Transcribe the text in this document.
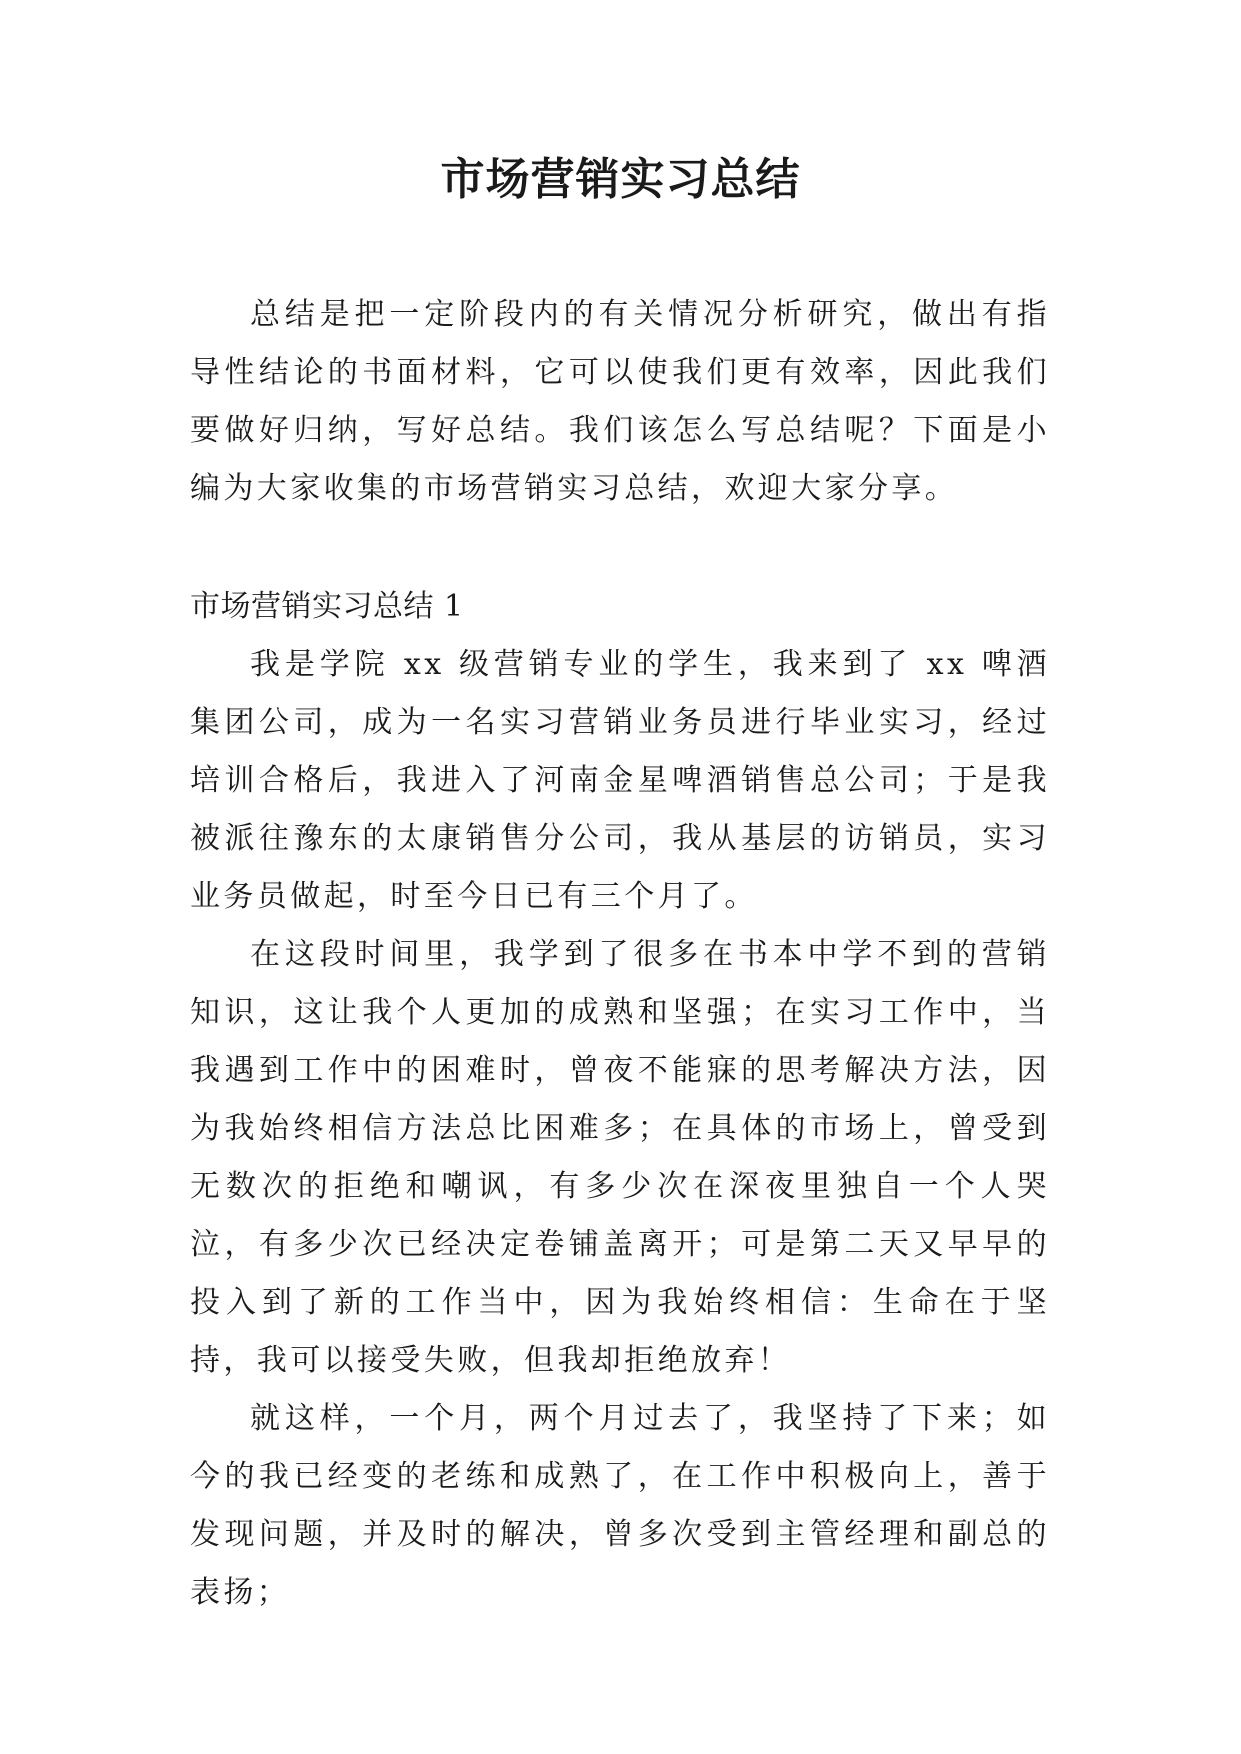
市场营销实习总结

总结是把一定阶段内的有关情况分析研究，做出有指导性结论的书面材料，它可以使我们更有效率，因此我们要做好归纳，写好总结。我们该怎么写总结呢？下面是小编为大家收集的市场营销实习总结，欢迎大家分享。

市场营销实习总结 1

我是学院 xx 级营销专业的学生，我来到了 xx 啤酒集团公司，成为一名实习营销业务员进行毕业实习，经过培训合格后，我进入了河南金星啤酒销售总公司；于是我被派往豫东的太康销售分公司，我从基层的访销员，实习业务员做起，时至今日已有三个月了。

在这段时间里，我学到了很多在书本中学不到的营销知识，这让我个人更加的成熟和坚强；在实习工作中，当我遇到工作中的困难时，曾夜不能寐的思考解决方法，因为我始终相信方法总比困难多；在具体的市场上，曾受到无数次的拒绝和嘲讽，有多少次在深夜里独自一个人哭泣，有多少次已经决定卷铺盖离开；可是第二天又早早的投入到了新的工作当中，因为我始终相信：生命在于坚持，我可以接受失败，但我却拒绝放弃！

就这样，一个月，两个月过去了，我坚持了下来；如今的我已经变的老练和成熟了，在工作中积极向上，善于发现问题，并及时的解决，曾多次受到主管经理和副总的表扬；
